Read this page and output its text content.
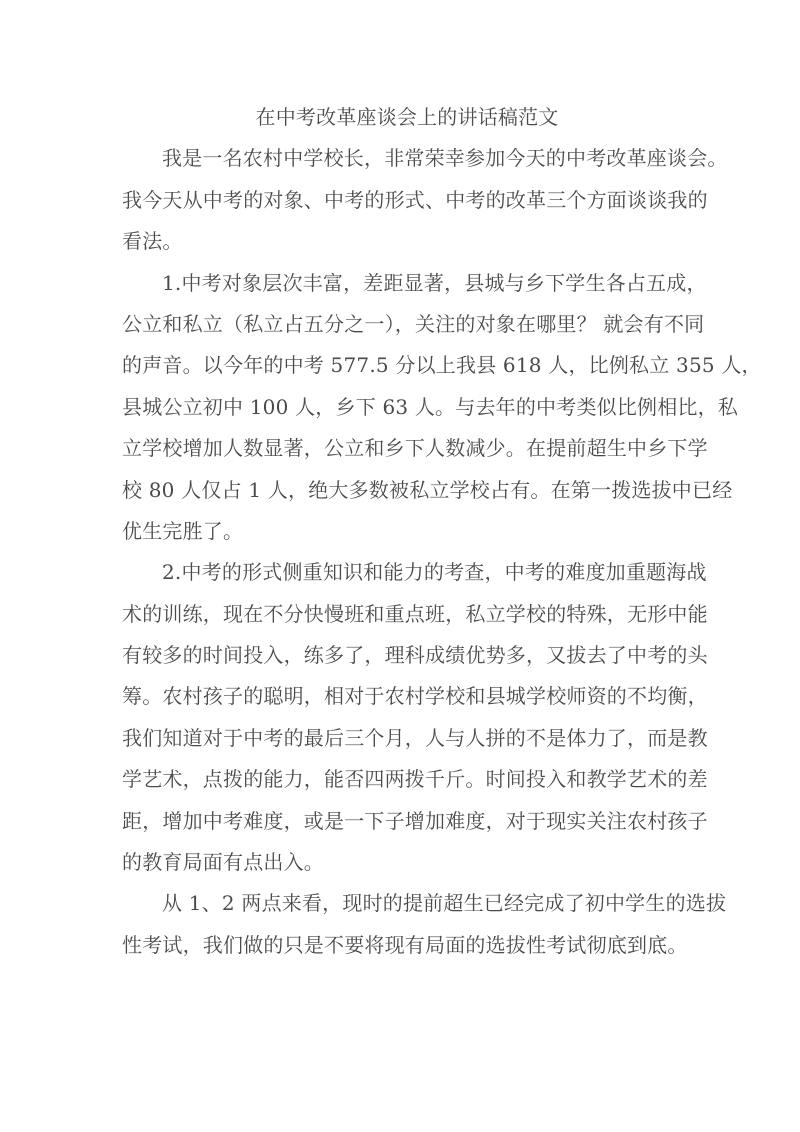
在中考改革座谈会上的讲话稿范文
我是一名农村中学校长，非常荣幸参加今天的中考改革座谈会。
我今天从中考的对象、中考的形式、中考的改革三个方面谈谈我的
看法。
1.中考对象层次丰富，差距显著，县城与乡下学生各占五成，
公立和私立（私立占五分之一），关注的对象在哪里？ 就会有不同
的声音。以今年的中考 577.5 分以上我县 618 人，比例私立 355 人，
县城公立初中 100 人，乡下 63 人。与去年的中考类似比例相比，私
立学校增加人数显著，公立和乡下人数减少。在提前超生中乡下学
校 80 人仅占 1 人，绝大多数被私立学校占有。在第一拨选拔中已经
优生完胜了。
2.中考的形式侧重知识和能力的考查，中考的难度加重题海战
术的训练，现在不分快慢班和重点班，私立学校的特殊，无形中能
有较多的时间投入，练多了，理科成绩优势多，又拔去了中考的头
筹。农村孩子的聪明，相对于农村学校和县城学校师资的不均衡，
我们知道对于中考的最后三个月，人与人拼的不是体力了，而是教
学艺术，点拨的能力，能否四两拨千斤。时间投入和教学艺术的差
距，增加中考难度，或是一下子增加难度，对于现实关注农村孩子
的教育局面有点出入。
从 1、2 两点来看，现时的提前超生已经完成了初中学生的选拔
性考试，我们做的只是不要将现有局面的选拔性考试彻底到底。
